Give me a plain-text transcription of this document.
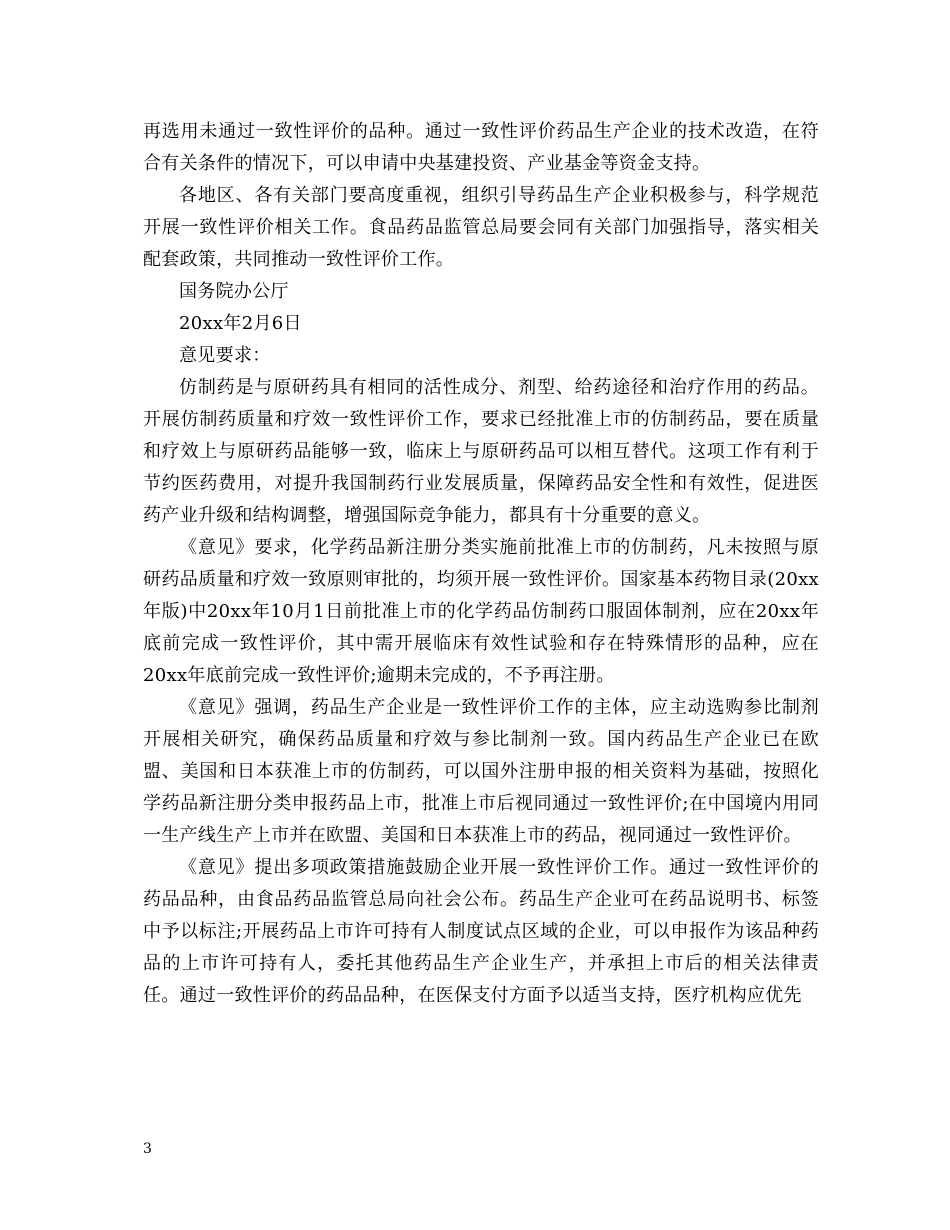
再选用未通过一致性评价的品种。通过一致性评价药品生产企业的技术改造，在符合有关条件的情况下，可以申请中央基建投资、产业基金等资金支持。

各地区、各有关部门要高度重视，组织引导药品生产企业积极参与，科学规范开展一致性评价相关工作。食品药品监管总局要会同有关部门加强指导，落实相关配套政策，共同推动一致性评价工作。

国务院办公厅

20xx年2月6日

意见要求：

仿制药是与原研药具有相同的活性成分、剂型、给药途径和治疗作用的药品。开展仿制药质量和疗效一致性评价工作，要求已经批准上市的仿制药品，要在质量和疗效上与原研药品能够一致，临床上与原研药品可以相互替代。这项工作有利于节约医药费用，对提升我国制药行业发展质量，保障药品安全性和有效性，促进医药产业升级和结构调整，增强国际竞争能力，都具有十分重要的意义。

《意见》要求，化学药品新注册分类实施前批准上市的仿制药，凡未按照与原研药品质量和疗效一致原则审批的，均须开展一致性评价。国家基本药物目录(20xx年版)中20xx年10月1日前批准上市的化学药品仿制药口服固体制剂，应在20xx年底前完成一致性评价，其中需开展临床有效性试验和存在特殊情形的品种，应在20xx年底前完成一致性评价;逾期未完成的，不予再注册。

《意见》强调，药品生产企业是一致性评价工作的主体，应主动选购参比制剂开展相关研究，确保药品质量和疗效与参比制剂一致。国内药品生产企业已在欧盟、美国和日本获准上市的仿制药，可以国外注册申报的相关资料为基础，按照化学药品新注册分类申报药品上市，批准上市后视同通过一致性评价;在中国境内用同一生产线生产上市并在欧盟、美国和日本获准上市的药品，视同通过一致性评价。

《意见》提出多项政策措施鼓励企业开展一致性评价工作。通过一致性评价的药品品种，由食品药品监管总局向社会公布。药品生产企业可在药品说明书、标签中予以标注;开展药品上市许可持有人制度试点区域的企业，可以申报作为该品种药品的上市许可持有人，委托其他药品生产企业生产，并承担上市后的相关法律责任。通过一致性评价的药品品种，在医保支付方面予以适当支持，医疗机构应优先

3
